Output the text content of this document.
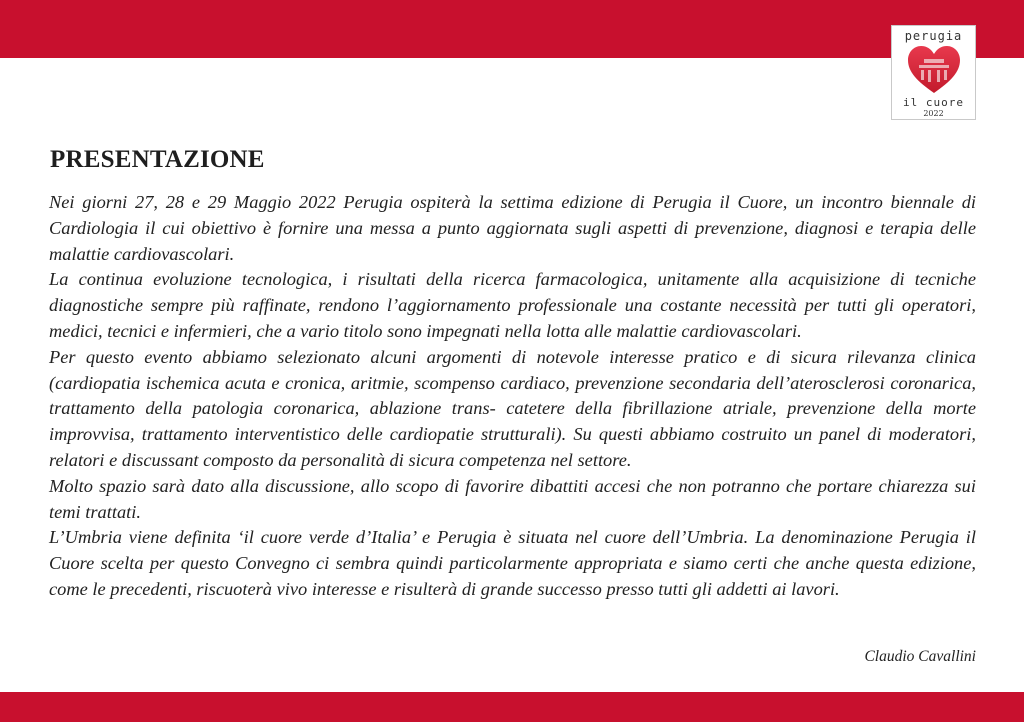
perugia
il cuore
2022
PRESENTAZIONE

Nei giorni 27, 28 e 29 Maggio 2022 Perugia ospiterà la settima edizione di Perugia il Cuore, un incontro biennale di Cardiologia il cui obiettivo è fornire una messa a punto aggiornata sugli aspetti di prevenzione, diagnosi e terapia delle malattie cardiovascolari.

La continua evoluzione tecnologica, i risultati della ricerca farmacologica, unitamente alla acquisizione di tecniche diagnostiche sempre più raffinate, rendono l’aggiornamento professionale una costante necessità per tutti gli operatori, medici, tecnici e infermieri, che a vario titolo sono impegnati nella lotta alle malattie cardiovascolari.

Per questo evento abbiamo selezionato alcuni argomenti di notevole interesse pratico e di sicura rilevanza clinica (cardiopatia ischemica acuta e cronica, aritmie, scompenso cardiaco, prevenzione secondaria dell’aterosclerosi coronarica, trattamento della patologia coronarica, ablazione trans- catetere della fibrillazione atriale, prevenzione della morte improvvisa, trattamento interventistico delle cardiopatie strutturali). Su questi abbiamo costruito un panel di moderatori, relatori e discussant composto da personalità di sicura competenza nel settore.

Molto spazio sarà dato alla discussione, allo scopo di favorire dibattiti accesi che non potranno che portare chiarezza sui temi trattati.

L’Umbria viene definita ‘il cuore verde d’Italia’ e Perugia è situata nel cuore dell’Umbria. La denominazione Perugia il Cuore scelta per questo Convegno ci sembra quindi particolarmente appropriata e siamo certi che anche questa edizione, come le precedenti, riscuoterà vivo interesse e risulterà di grande successo presso tutti gli addetti ai lavori.

Claudio Cavallini
